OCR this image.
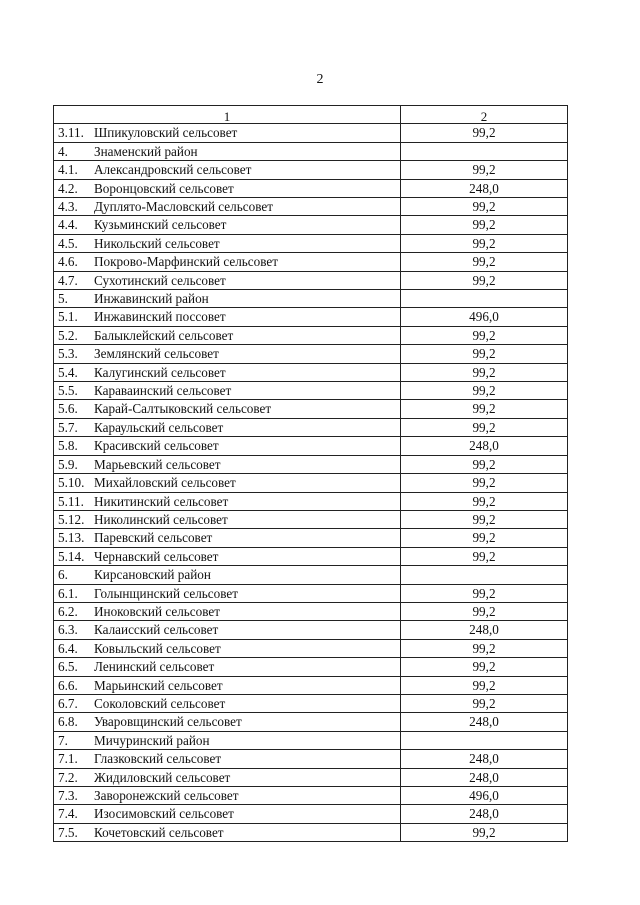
2
1	2
3.11. Шпикуловский сельсовет	99,2
4. Знаменский район	
4.1. Александровский сельсовет	99,2
4.2. Воронцовский сельсовет	248,0
4.3. Дуплято-Масловский сельсовет	99,2
4.4. Кузьминский сельсовет	99,2
4.5. Никольский сельсовет	99,2
4.6. Покрово-Марфинский сельсовет	99,2
4.7. Сухотинский сельсовет	99,2
5. Инжавинский район	
5.1. Инжавинский поссовет	496,0
5.2. Балыклейский сельсовет	99,2
5.3. Землянский сельсовет	99,2
5.4. Калугинский сельсовет	99,2
5.5. Караваинский сельсовет	99,2
5.6. Карай-Салтыковский сельсовет	99,2
5.7. Караульский сельсовет	99,2
5.8. Красивский сельсовет	248,0
5.9. Марьевский сельсовет	99,2
5.10. Михайловский сельсовет	99,2
5.11. Никитинский сельсовет	99,2
5.12. Николинский сельсовет	99,2
5.13. Паревский сельсовет	99,2
5.14. Чернавский сельсовет	99,2
6. Кирсановский район	
6.1. Голынщинский сельсовет	99,2
6.2. Иноковский сельсовет	99,2
6.3. Калаисский сельсовет	248,0
6.4. Ковыльский сельсовет	99,2
6.5. Ленинский сельсовет	99,2
6.6. Марьинский сельсовет	99,2
6.7. Соколовский сельсовет	99,2
6.8. Уваровщинский сельсовет	248,0
7. Мичуринский район	
7.1. Глазковский сельсовет	248,0
7.2. Жидиловский сельсовет	248,0
7.3. Заворонежский сельсовет	496,0
7.4. Изосимовский сельсовет	248,0
7.5. Кочетовский сельсовет	99,2
